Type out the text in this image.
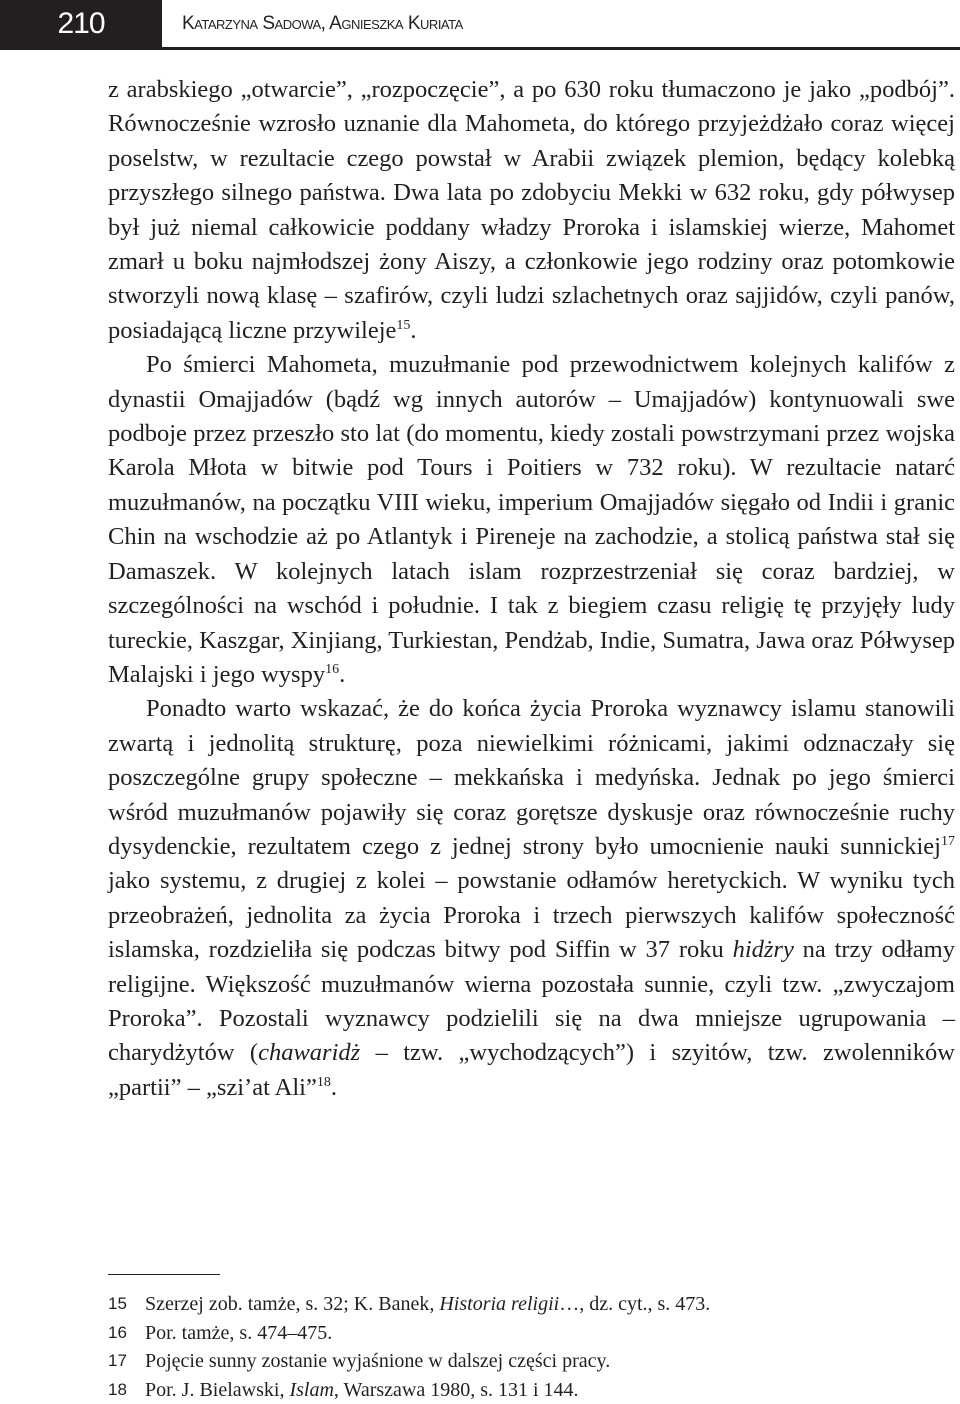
210	Katarzyna Sadowa, Agnieszka Kuriata

z arabskiego „otwarcie”, „rozpoczęcie”, a po 630 roku tłumaczono je jako „podbój”. Równocześnie wzrosło uznanie dla Mahometa, do którego przyjeżdżało coraz więcej poselstw, w rezultacie czego powstał w Arabii związek plemion, będący kolebką przyszłego silnego państwa. Dwa lata po zdobyciu Mekki w 632 roku, gdy półwysep był już niemal całkowicie poddany władzy Proroka i islamskiej wierze, Mahomet zmarł u boku najmłodszej żony Aiszy, a członkowie jego rodziny oraz potomkowie stworzyli nową klasę – szafirów, czyli ludzi szlachetnych oraz sajjidów, czyli panów, posiadającą liczne przywileje$^{15}$.

Po śmierci Mahometa, muzułmanie pod przewodnictwem kolejnych kalifów z dynastii Omajjadów (bądź wg innych autorów – Umajjadów) kontynuowali swe podboje przez przeszło sto lat (do momentu, kiedy zostali powstrzymani przez wojska Karola Młota w bitwie pod Tours i Poitiers w 732 roku). W rezultacie natarć muzułmanów, na początku VIII wieku, imperium Omajjadów sięgało od Indii i granic Chin na wschodzie aż po Atlantyk i Pireneje na zachodzie, a stolicą państwa stał się Damaszek. W kolejnych latach islam rozprzestrzeniał się coraz bardziej, w szczególności na wschód i południe. I tak z biegiem czasu religię tę przyjęły ludy tureckie, Kaszgar, Xinjiang, Turkiestan, Pendżab, Indie, Sumatra, Jawa oraz Półwysep Malajski i jego wyspy$^{16}$.

Ponadto warto wskazać, że do końca życia Proroka wyznawcy islamu stanowili zwartą i jednolitą strukturę, poza niewielkimi różnicami, jakimi odznaczały się poszczególne grupy społeczne – mekkańska i medyńska. Jednak po jego śmierci wśród muzułmanów pojawiły się coraz gorętsze dyskusje oraz równocześnie ruchy dysydenckie, rezultatem czego z jednej strony było umocnienie nauki sunnickiej$^{17}$ jako systemu, z drugiej z kolei – powstanie odłamów heretyckich. W wyniku tych przeobrażeń, jednolita za życia Proroka i trzech pierwszych kalifów społeczność islamska, rozdzieliła się podczas bitwy pod Siffin w 37 roku hidżry na trzy odłamy religijne. Większość muzułmanów wierna pozostała sunnie, czyli tzw. „zwyczajom Proroka”. Pozostali wyznawcy podzielili się na dwa mniejsze ugrupowania – charydżytów (chawaridż – tzw. „wychodzących”) i szyitów, tzw. zwolenników „partii” – „szi’at Ali”$^{18}$.

15 Szerzej zob. tamże, s. 32; K. Banek, Historia religii…, dz. cyt., s. 473.
16 Por. tamże, s. 474–475.
17 Pojęcie sunny zostanie wyjaśnione w dalszej części pracy.
18 Por. J. Bielawski, Islam, Warszawa 1980, s. 131 i 144.
